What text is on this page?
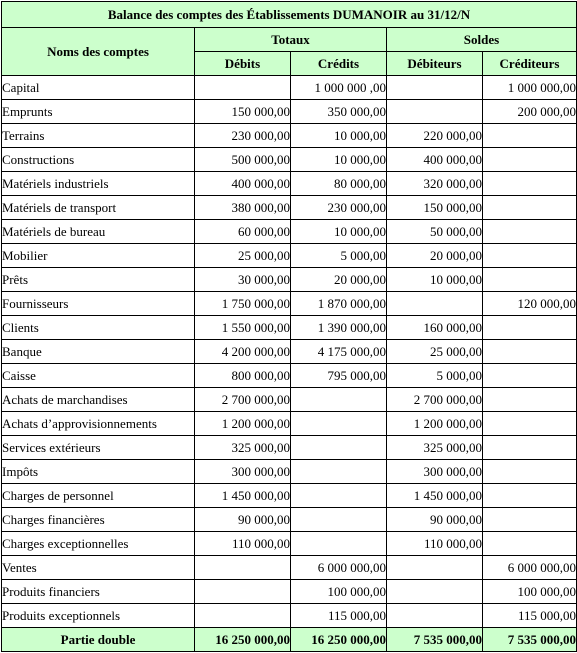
Balance des comptes des Établissements DUMANOIR au 31/12/N				
Noms des comptes	Totaux		Soldes	
	Débits	Crédits	Débiteurs	Créditeurs
Capital		1 000 000 ,00		1 000 000,00
Emprunts	150 000,00	350 000,00		200 000,00
Terrains	230 000,00	10 000,00	220 000,00	
Constructions	500 000,00	10 000,00	400 000,00	
Matériels industriels	400 000,00	80 000,00	320 000,00	
Matériels de transport	380 000,00	230 000,00	150 000,00	
Matériels de bureau	60 000,00	10 000,00	50 000,00	
Mobilier	25 000,00	5 000,00	20 000,00	
Prêts	30 000,00	20 000,00	10 000,00	
Fournisseurs	1 750 000,00	1 870 000,00		120 000,00
Clients	1 550 000,00	1 390 000,00	160 000,00	
Banque	4 200 000,00	4 175 000,00	25 000,00	
Caisse	800 000,00	795 000,00	5 000,00	
Achats de marchandises	2 700 000,00		2 700 000,00	
Achats d’approvisionnements	1 200 000,00		1 200 000,00	
Services extérieurs	325 000,00		325 000,00	
Impôts	300 000,00		300 000,00	
Charges de personnel	1 450 000,00		1 450 000,00	
Charges financières	90 000,00		90 000,00	
Charges exceptionnelles	110 000,00		110 000,00	
Ventes		6 000 000,00		6 000 000,00
Produits financiers		100 000,00		100 000,00
Produits exceptionnels		115 000,00		115 000,00
Partie double	16 250 000,00	16 250 000,00	7 535 000,00	7 535 000,00
